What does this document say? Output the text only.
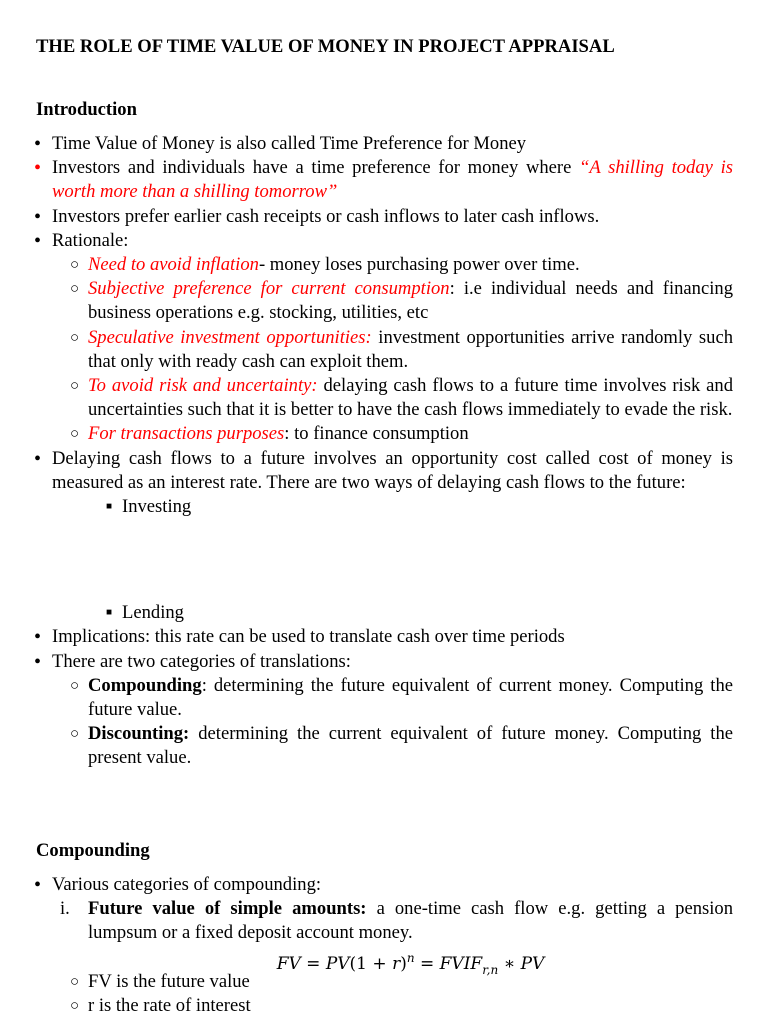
THE ROLE OF TIME VALUE OF MONEY IN PROJECT APPRAISAL
Introduction
• Time Value of Money is also called Time Preference for Money
• Investors and individuals have a time preference for money where “A shilling today is worth more than a shilling tomorrow”
• Investors prefer earlier cash receipts or cash inflows to later cash inflows.
• Rationale:
○ Need to avoid inflation- money loses purchasing power over time.
○ Subjective preference for current consumption: i.e individual needs and financing business operations e.g. stocking, utilities, etc
○ Speculative investment opportunities: investment opportunities arrive randomly such that only with ready cash can exploit them.
○ To avoid risk and uncertainty: delaying cash flows to a future time involves risk and uncertainties such that it is better to have the cash flows immediately to evade the risk.
○ For transactions purposes: to finance consumption
• Delaying cash flows to a future involves an opportunity cost called cost of money is measured as an interest rate. There are two ways of delaying cash flows to the future:
■ Investing
■ Lending
• Implications: this rate can be used to translate cash over time periods
• There are two categories of translations:
○ Compounding: determining the future equivalent of current money. Computing the future value.
○ Discounting: determining the current equivalent of future money. Computing the present value.
Compounding
• Various categories of compounding:
i. Future value of simple amounts: a one-time cash flow e.g. getting a pension lumpsum or a fixed deposit account money.
FV = $PV(1 + r)^n$ = $FVIF_{r,n}$ ∗ PV
○ FV is the future value
○ r is the rate of interest
